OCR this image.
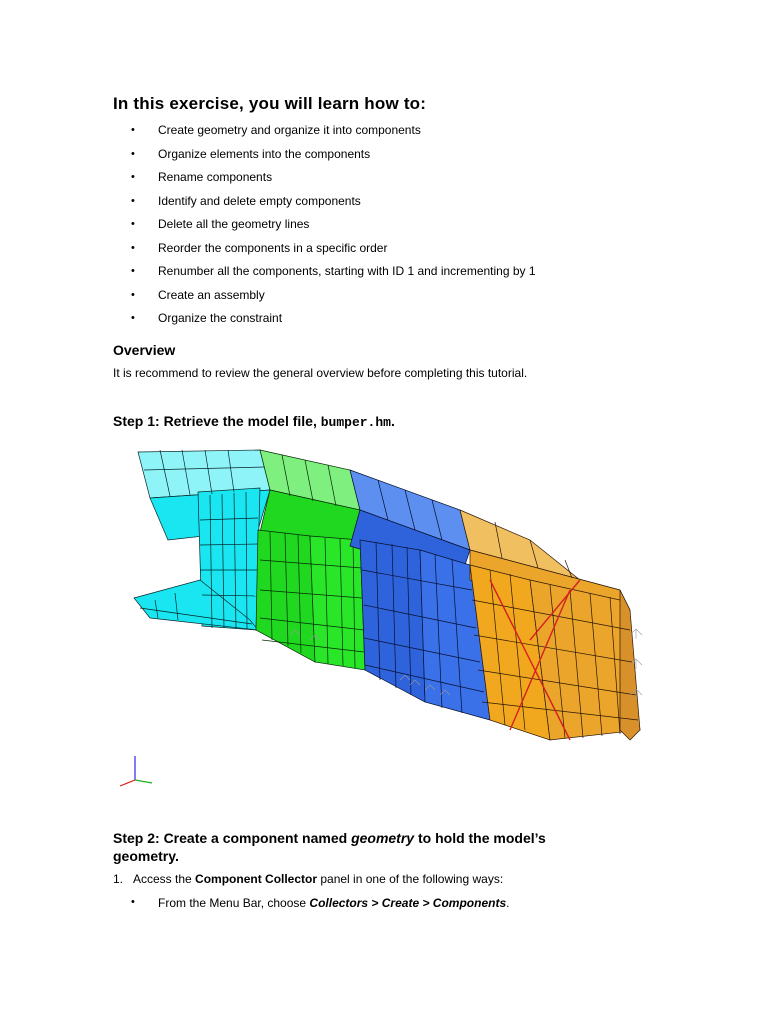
In this exercise, you will learn how to:
• Create geometry and organize it into components
• Organize elements into the components
• Rename components
• Identify and delete empty components
• Delete all the geometry lines
• Reorder the components in a specific order
• Renumber all the components, starting with ID 1 and incrementing by 1
• Create an assembly
• Organize the constraint
Overview

It is recommend to review the general overview before completing this tutorial.

Step 1: Retrieve the model file, bumper.hm.
Step 2: Create a component named geometry to hold the model’s geometry.
1. Access the Component Collector panel in one of the following ways:
• From the Menu Bar, choose Collectors > Create > Components.
